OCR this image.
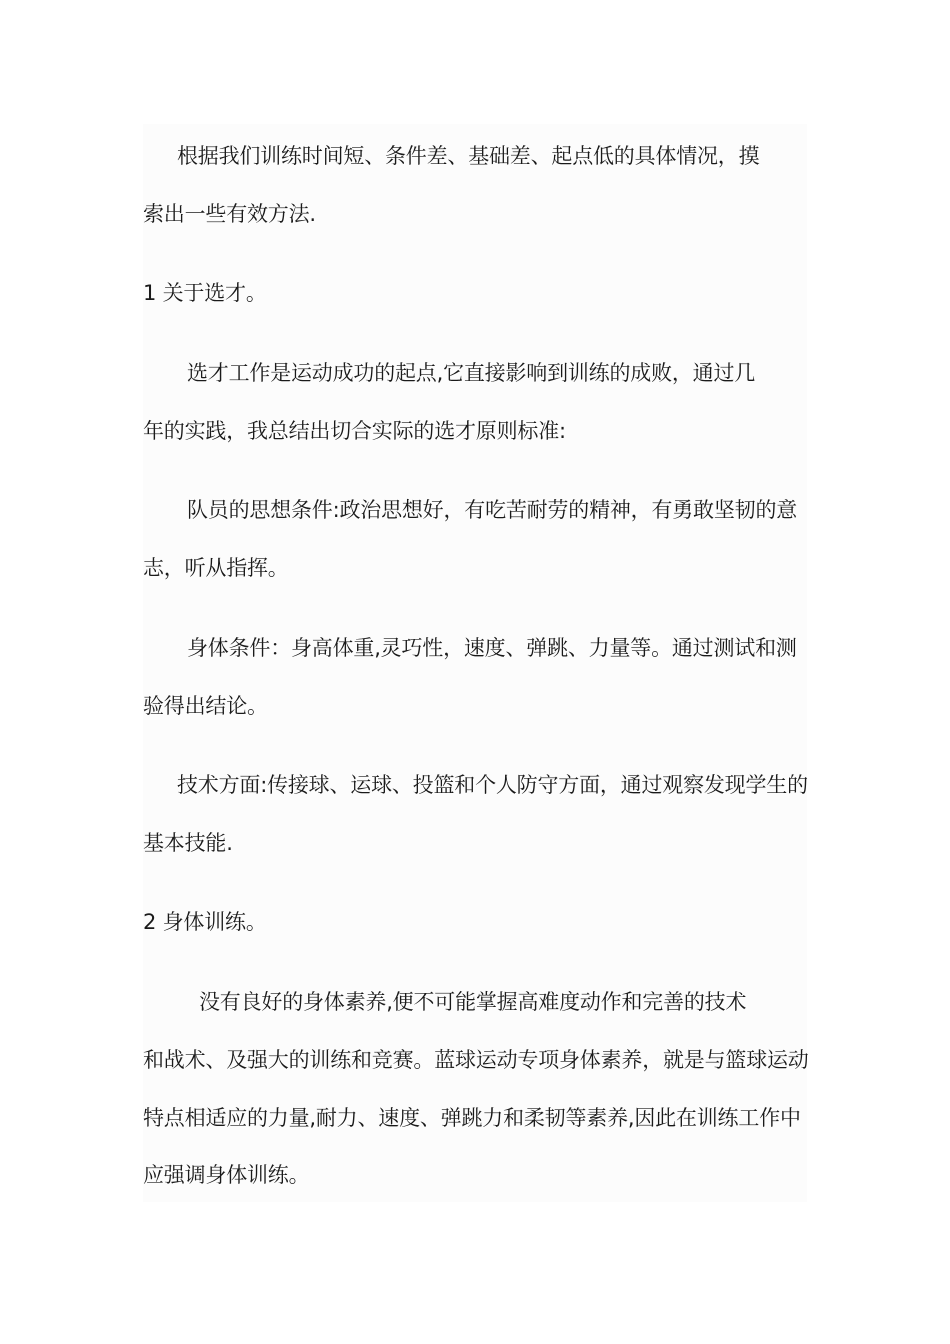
根据我们训练时间短、条件差、基础差、起点低的具体情况，摸
索出一些有效方法.
1 关于选才。
选才工作是运动成功的起点,它直接影响到训练的成败，通过几
年的实践，我总结出切合实际的选才原则标准:
队员的思想条件:政治思想好，有吃苦耐劳的精神，有勇敢坚韧的意
志，听从指挥。
身体条件：身高体重,灵巧性，速度、弹跳、力量等。通过测试和测
验得出结论。
技术方面:传接球、运球、投篮和个人防守方面，通过观察发现学生的
基本技能.
2 身体训练。
没有良好的身体素养,便不可能掌握高难度动作和完善的技术
和战术、及强大的训练和竞赛。蓝球运动专项身体素养，就是与篮球运动
特点相适应的力量,耐力、速度、弹跳力和柔韧等素养,因此在训练工作中
应强调身体训练。
